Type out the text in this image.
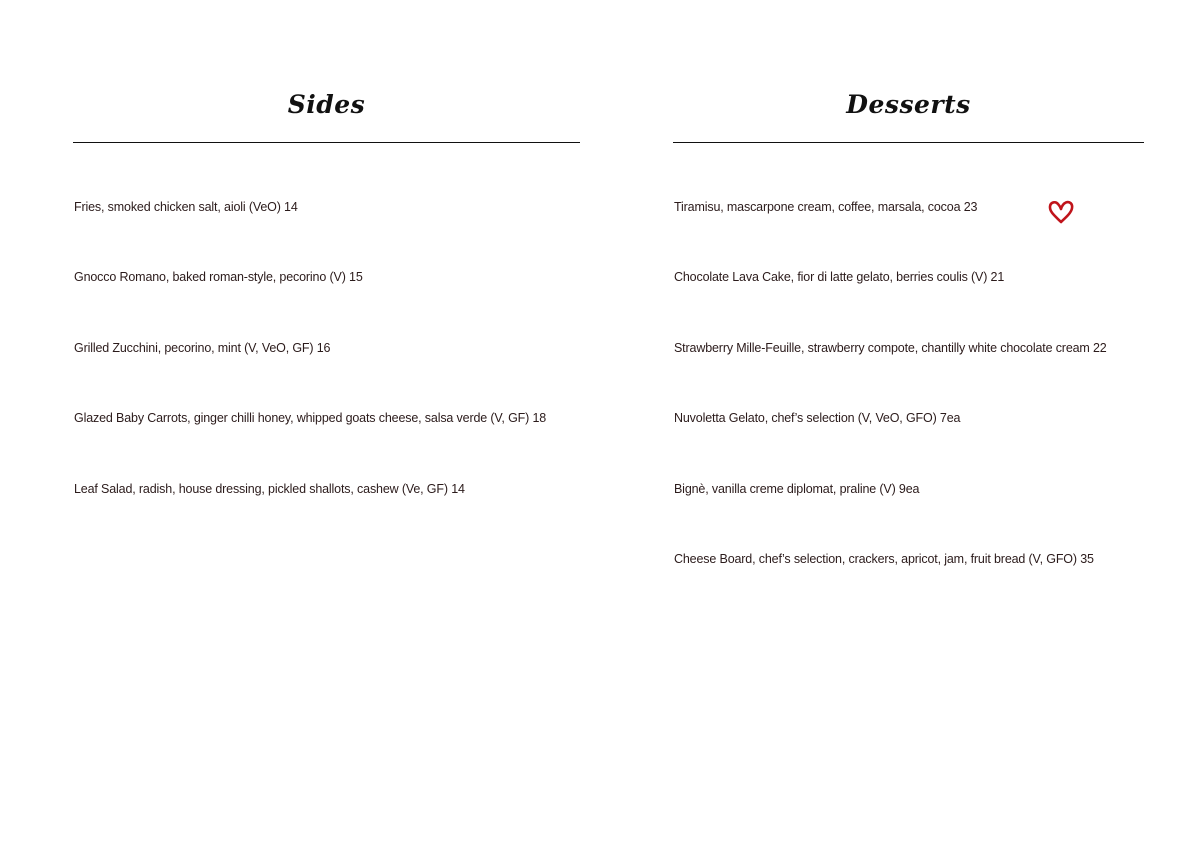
Sides
Fries, smoked chicken salt, aioli (VeO) 14
Gnocco Romano, baked roman-style, pecorino (V) 15
Grilled Zucchini, pecorino, mint (V, VeO, GF) 16
Glazed Baby Carrots, ginger chilli honey, whipped goats cheese, salsa verde (V, GF) 18
Leaf Salad, radish, house dressing, pickled shallots, cashew (Ve, GF) 14
Desserts
Tiramisu, mascarpone cream, coffee, marsala, cocoa 23
Chocolate Lava Cake, fior di latte gelato, berries coulis (V) 21
Strawberry Mille-Feuille, strawberry compote, chantilly white chocolate cream 22
Nuvoletta Gelato, chef’s selection (V, VeO, GFO) 7ea
Bignè, vanilla creme diplomat, praline (V) 9ea
Cheese Board, chef’s selection, crackers, apricot, jam, fruit bread (V, GFO) 35
